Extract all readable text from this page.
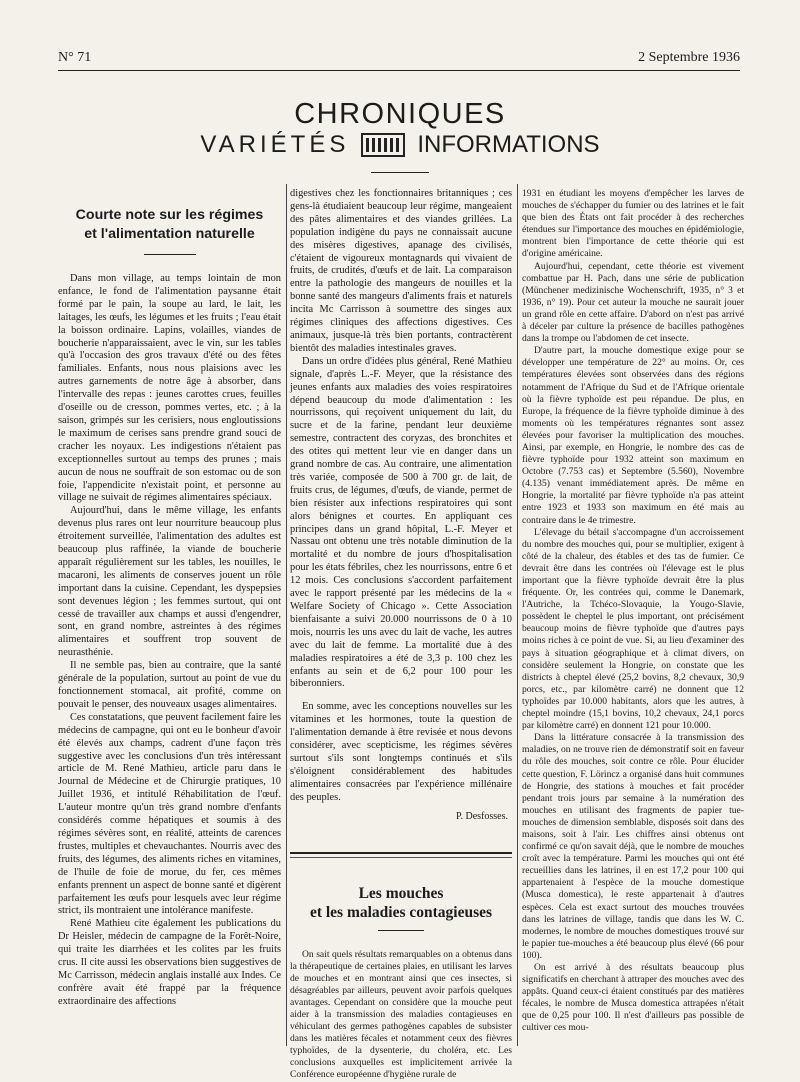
N° 71	2 Septembre 1936
CHRONIQUES
VARIÉTÉS	INFORMATIONS
Courte note sur les régimes
et l'alimentation naturelle

Dans mon village, au temps lointain de mon enfance, le fond de l'alimentation paysanne était formé par le pain, la soupe au lard, le lait, les laitages, les œufs, les légumes et les fruits ; l'eau était la boisson ordinaire. Lapins, volailles, viandes de boucherie n'apparaissaient, avec le vin, sur les tables qu'à l'occasion des gros travaux d'été ou des fêtes familiales. Enfants, nous nous plaisions avec les autres garnements de notre âge à absorber, dans l'intervalle des repas : jeunes carottes crues, feuilles d'oseille ou de cresson, pommes vertes, etc. ; à la saison, grimpés sur les cerisiers, nous engloutissions le maximum de cerises sans prendre grand souci de cracher les noyaux. Les indigestions n'étaient pas exceptionnelles surtout au temps des prunes ; mais aucun de nous ne souffrait de son estomac ou de son foie, l'appendicite n'existait point, et personne au village ne suivait de régimes alimentaires spéciaux.

Aujourd'hui, dans le même village, les enfants devenus plus rares ont leur nourriture beaucoup plus étroitement surveillée, l'alimentation des adultes est beaucoup plus raffinée, la viande de boucherie apparaît régulièrement sur les tables, les nouilles, le macaroni, les aliments de conserves jouent un rôle important dans la cuisine. Cependant, les dyspepsies sont devenues légion ; les femmes surtout, qui ont cessé de travailler aux champs et aussi d'engendrer, sont, en grand nombre, astreintes à des régimes alimentaires et souffrent trop souvent de neurasthénie.

Il ne semble pas, bien au contraire, que la santé générale de la population, surtout au point de vue du fonctionnement stomacal, ait profité, comme on pouvait le penser, des nouveaux usages alimentaires.

Ces constatations, que peuvent facilement faire les médecins de campagne, qui ont eu le bonheur d'avoir été élevés aux champs, cadrent d'une façon très suggestive avec les conclusions d'un très intéressant article de M. René Mathieu, article paru dans le Journal de Médecine et de Chirurgie pratiques, 10 Juillet 1936, et intitulé Réhabilitation de l'œuf. L'auteur montre qu'un très grand nombre d'enfants considérés comme hépatiques et soumis à des régimes sévères sont, en réalité, atteints de carences frustes, multiples et chevauchantes. Nourris avec des fruits, des légumes, des aliments riches en vitamines, de l'huile de foie de morue, du fer, ces mêmes enfants prennent un aspect de bonne santé et digèrent parfaitement les œufs pour lesquels avec leur régime strict, ils montraient une intolérance manifeste.

René Mathieu cite également les publications du Dr Heisler, médecin de campagne de la Forêt-Noire, qui traite les diarrhées et les colites par les fruits crus. Il cite aussi les observations bien suggestives de Mc Carrisson, médecin anglais installé aux Indes. Ce confrère avait été frappé par la fréquence extraordinaire des affections

digestives chez les fonctionnaires britanniques ; ces gens-là étudiaient beaucoup leur régime, mangeaient des pâtes alimentaires et des viandes grillées. La population indigène du pays ne connaissait aucune des misères digestives, apanage des civilisés, c'étaient de vigoureux montagnards qui vivaient de fruits, de crudités, d'œufs et de lait. La comparaison entre la pathologie des mangeurs de nouilles et la bonne santé des mangeurs d'aliments frais et naturels incita Mc Carrisson à soumettre des singes aux régimes cliniques des affections digestives. Ces animaux, jusque-là très bien portants, contractèrent bientôt des maladies intestinales graves.

Dans un ordre d'idées plus général, René Mathieu signale, d'après L.-F. Meyer, que la résistance des jeunes enfants aux maladies des voies respiratoires dépend beaucoup du mode d'alimentation : les nourrissons, qui reçoivent uniquement du lait, du sucre et de la farine, pendant leur deuxième semestre, contractent des coryzas, des bronchites et des otites qui mettent leur vie en danger dans un grand nombre de cas. Au contraire, une alimentation très variée, composée de 500 à 700 gr. de lait, de fruits crus, de légumes, d'œufs, de viande, permet de bien résister aux infections respiratoires qui sont alors bénignes et courtes. En appliquant ces principes dans un grand hôpital, L.-F. Meyer et Nassau ont obtenu une très notable diminution de la mortalité et du nombre de jours d'hospitalisation pour les états fébriles, chez les nourrissons, entre 6 et 12 mois. Ces conclusions s'accordent parfaitement avec le rapport présenté par les médecins de la « Welfare Society of Chicago ». Cette Association bienfaisante a suivi 20.000 nourrissons de 0 à 10 mois, nourris les uns avec du lait de vache, les autres avec du lait de femme. La mortalité due à des maladies respiratoires a été de 3,3 p. 100 chez les enfants au sein et de 6,2 pour 100 pour les biberonniers.

En somme, avec les conceptions nouvelles sur les vitamines et les hormones, toute la question de l'alimentation demande à être revisée et nous devons considérer, avec scepticisme, les régimes sévères surtout s'ils sont longtemps continués et s'ils s'éloignent considérablement des habitudes alimentaires consacrées par l'expérience millénaire des peuples.

P. Desfosses.
Les mouches
et les maladies contagieuses

On sait quels résultats remarquables on a obtenus dans la thérapeutique de certaines plaies, en utilisant les larves de mouches et en montrant ainsi que ces insectes, si désagréables par ailleurs, peuvent avoir parfois quelques avantages. Cependant on considère que la mouche peut aider à la transmission des maladies contagieuses en véhiculant des germes pathogènes capables de subsister dans les matières fécales et notamment ceux des fièvres typhoïdes, de la dysenterie, du choléra, etc. Les conclusions auxquelles est implicitement arrivée la Conférence européenne d'hygiène rurale de

1931 en étudiant les moyens d'empêcher les larves de mouches de s'échapper du fumier ou des latrines et le fait que bien des États ont fait procéder à des recherches étendues sur l'importance des mouches en épidémiologie, montrent bien l'importance de cette théorie qui est d'origine américaine.

Aujourd'hui, cependant, cette théorie est vivement combattue par H. Pach, dans une série de publication (Münchener medizinische Wochenschrift, 1935, n° 3 et 1936, n° 19). Pour cet auteur la mouche ne saurait jouer un grand rôle en cette affaire. D'abord on n'est pas arrivé à déceler par culture la présence de bacilles pathogènes dans la trompe ou l'abdomen de cet insecte.

D'autre part, la mouche domestique exige pour se développer une température de 22° au moins. Or, ces températures élevées sont observées dans des régions notamment de l'Afrique du Sud et de l'Afrique orientale où la fièvre typhoïde est peu répandue. De plus, en Europe, la fréquence de la fièvre typhoïde diminue à des moments où les températures régnantes sont assez élevées pour favoriser la multiplication des mouches. Ainsi, par exemple, en Hongrie, le nombre des cas de fièvre typhoïde pour 1932 atteint son maximum en Octobre (7.753 cas) et Septembre (5.560), Novembre (4.135) venant immédiatement après. De même en Hongrie, la mortalité par fièvre typhoïde n'a pas atteint entre 1923 et 1933 son maximum en été mais au contraire dans le 4e trimestre.

L'élevage du bétail s'accompagne d'un accroissement du nombre des mouches qui, pour se multiplier, exigent à côté de la chaleur, des étables et des tas de fumier. Ce devrait être dans les contrées où l'élevage est le plus important que la fièvre typhoïde devrait être la plus fréquente. Or, les contrées qui, comme le Danemark, l'Autriche, la Tchéco-Slovaquie, la Yougo-Slavie, possèdent le cheptel le plus important, ont précisément beaucoup moins de fièvre typhoïde que d'autres pays moins riches à ce point de vue. Si, au lieu d'examiner des pays à situation géographique et à climat divers, on considère seulement la Hongrie, on constate que les districts à cheptel élevé (25,2 bovins, 8,2 chevaux, 30,9 porcs, etc., par kilomètre carré) ne donnent que 12 typhoïdes par 10.000 habitants, alors que les autres, à cheptel moindre (15,1 bovins, 10,2 chevaux, 24,1 porcs par kilomètre carré) en donnent 121 pour 10.000.

Dans la littérature consacrée à la transmission des maladies, on ne trouve rien de démonstratif soit en faveur du rôle des mouches, soit contre ce rôle. Pour élucider cette question, F. Lörincz a organisé dans huit communes de Hongrie, des stations à mouches et fait procéder pendant trois jours par semaine à la numération des mouches en utilisant des fragments de papier tue-mouches de dimension semblable, disposés soit dans des maisons, soit à l'air. Les chiffres ainsi obtenus ont confirmé ce qu'on savait déjà, que le nombre de mouches croît avec la température. Parmi les mouches qui ont été recueillies dans les latrines, il en est 17,2 pour 100 qui appartenaient à l'espèce de la mouche domestique (Musca domestica), le reste appartenait à d'autres espèces. Cela est exact surtout des mouches trouvées dans les latrines de village, tandis que dans les W. C. modernes, le nombre de mouches domestiques trouvé sur le papier tue-mouches a été beaucoup plus élevé (66 pour 100).

On est arrivé à des résultats beaucoup plus significatifs en cherchant à attraper des mouches avec des appâts. Quand ceux-ci étaient constitués par des matières fécales, le nombre de Musca domestica attrapées n'était que de 0,25 pour 100. Il n'est d'ailleurs pas possible de cultiver ces mou-
